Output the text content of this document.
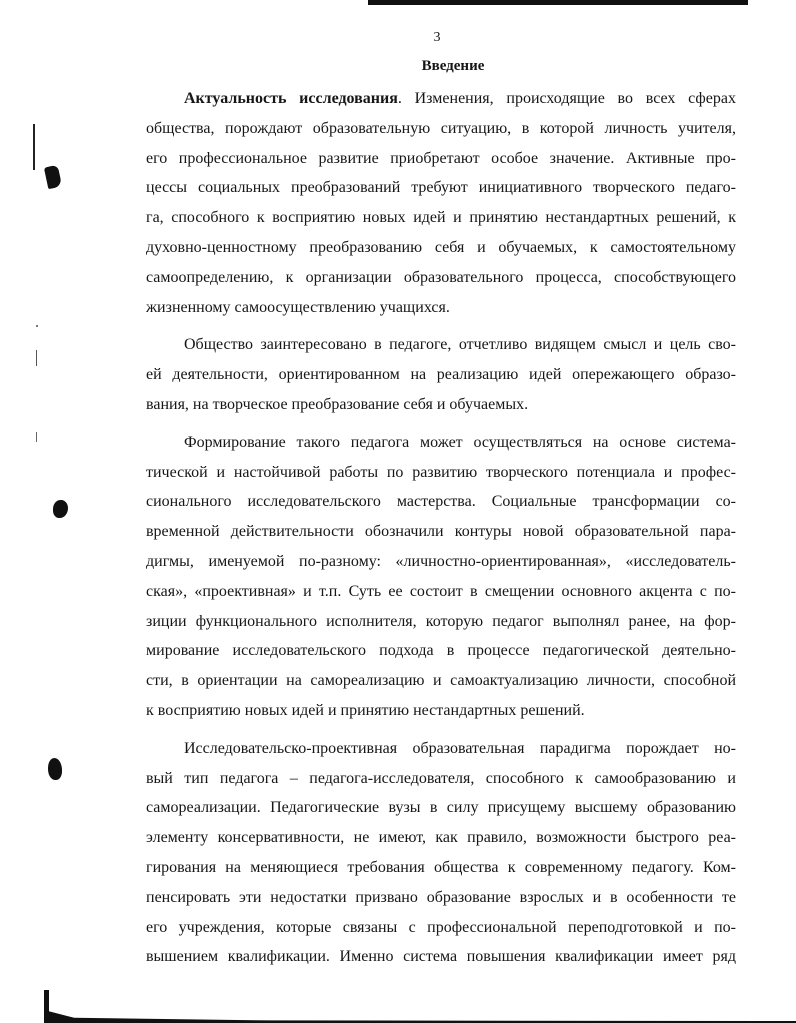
3
Введение
Актуальность исследования. Изменения, происходящие во всех сферах
общества, порождают образовательную ситуацию, в которой личность учителя,
его профессиональное развитие приобретают особое значение. Активные про-
цессы социальных преобразований требуют инициативного творческого педаго-
га, способного к восприятию новых идей и принятию нестандартных решений, к
духовно-ценностному преобразованию себя и обучаемых, к самостоятельному
самоопределению, к организации образовательного процесса, способствующего
жизненному самоосуществлению учащихся.
Общество заинтересовано в педагоге, отчетливо видящем смысл и цель сво-
ей деятельности, ориентированном на реализацию идей опережающего образо-
вания, на творческое преобразование себя и обучаемых.
Формирование такого педагога может осуществляться на основе система-
тической и настойчивой работы по развитию творческого потенциала и профес-
сионального исследовательского мастерства. Социальные трансформации со-
временной действительности обозначили контуры новой образовательной пара-
дигмы, именуемой по-разному: «личностно-ориентированная», «исследователь-
ская», «проективная» и т.п. Суть ее состоит в смещении основного акцента с по-
зиции функционального исполнителя, которую педагог выполнял ранее, на фор-
мирование исследовательского подхода в процессе педагогической деятельно-
сти, в ориентации на самореализацию и самоактуализацию личности, способной
к восприятию новых идей и принятию нестандартных решений.
Исследовательско-проективная образовательная парадигма порождает но-
вый тип педагога – педагога-исследователя, способного к самообразованию и
самореализации. Педагогические вузы в силу присущему высшему образованию
элементу консервативности, не имеют, как правило, возможности быстрого реа-
гирования на меняющиеся требования общества к современному педагогу. Ком-
пенсировать эти недостатки призвано образование взрослых и в особенности те
его учреждения, которые связаны с профессиональной переподготовкой и по-
вышением квалификации. Именно система повышения квалификации имеет ряд
